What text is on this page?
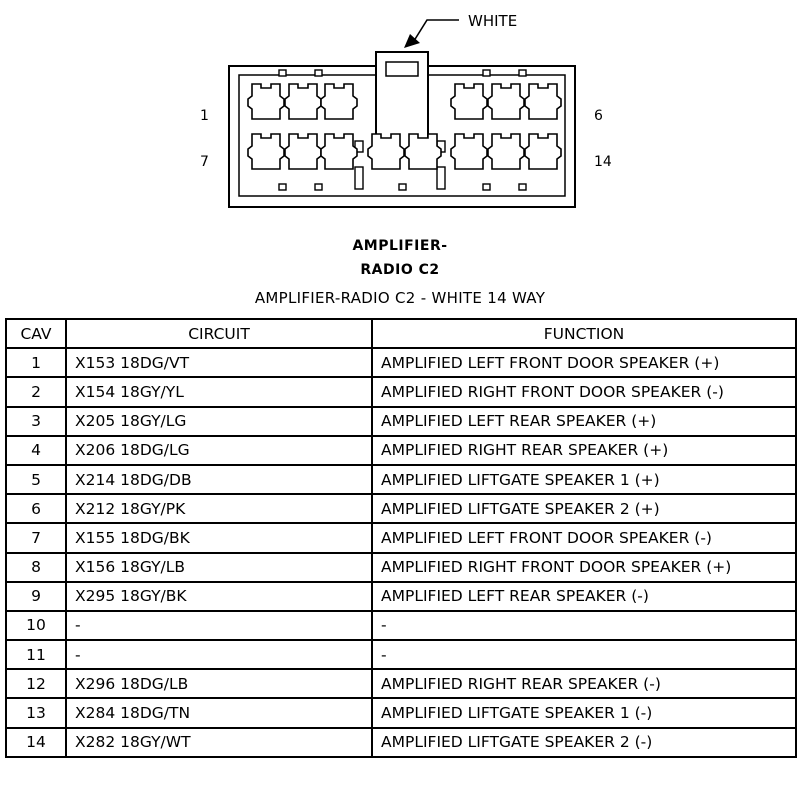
WHITE
1	6
7	14
AMPLIFIER-
RADIO C2
AMPLIFIER-RADIO C2 - WHITE 14 WAY
CAV	CIRCUIT	FUNCTION
1	X153 18DG/VT	AMPLIFIED LEFT FRONT DOOR SPEAKER (+)
2	X154 18GY/YL	AMPLIFIED RIGHT FRONT DOOR SPEAKER (-)
3	X205 18GY/LG	AMPLIFIED LEFT REAR SPEAKER (+)
4	X206 18DG/LG	AMPLIFIED RIGHT REAR SPEAKER (+)
5	X214 18DG/DB	AMPLIFIED LIFTGATE SPEAKER 1 (+)
6	X212 18GY/PK	AMPLIFIED LIFTGATE SPEAKER 2 (+)
7	X155 18DG/BK	AMPLIFIED LEFT FRONT DOOR SPEAKER (-)
8	X156 18GY/LB	AMPLIFIED RIGHT FRONT DOOR SPEAKER (+)
9	X295 18GY/BK	AMPLIFIED LEFT REAR SPEAKER (-)
10	-	-
11	-	-
12	X296 18DG/LB	AMPLIFIED RIGHT REAR SPEAKER (-)
13	X284 18DG/TN	AMPLIFIED LIFTGATE SPEAKER 1 (-)
14	X282 18GY/WT	AMPLIFIED LIFTGATE SPEAKER 2 (-)
